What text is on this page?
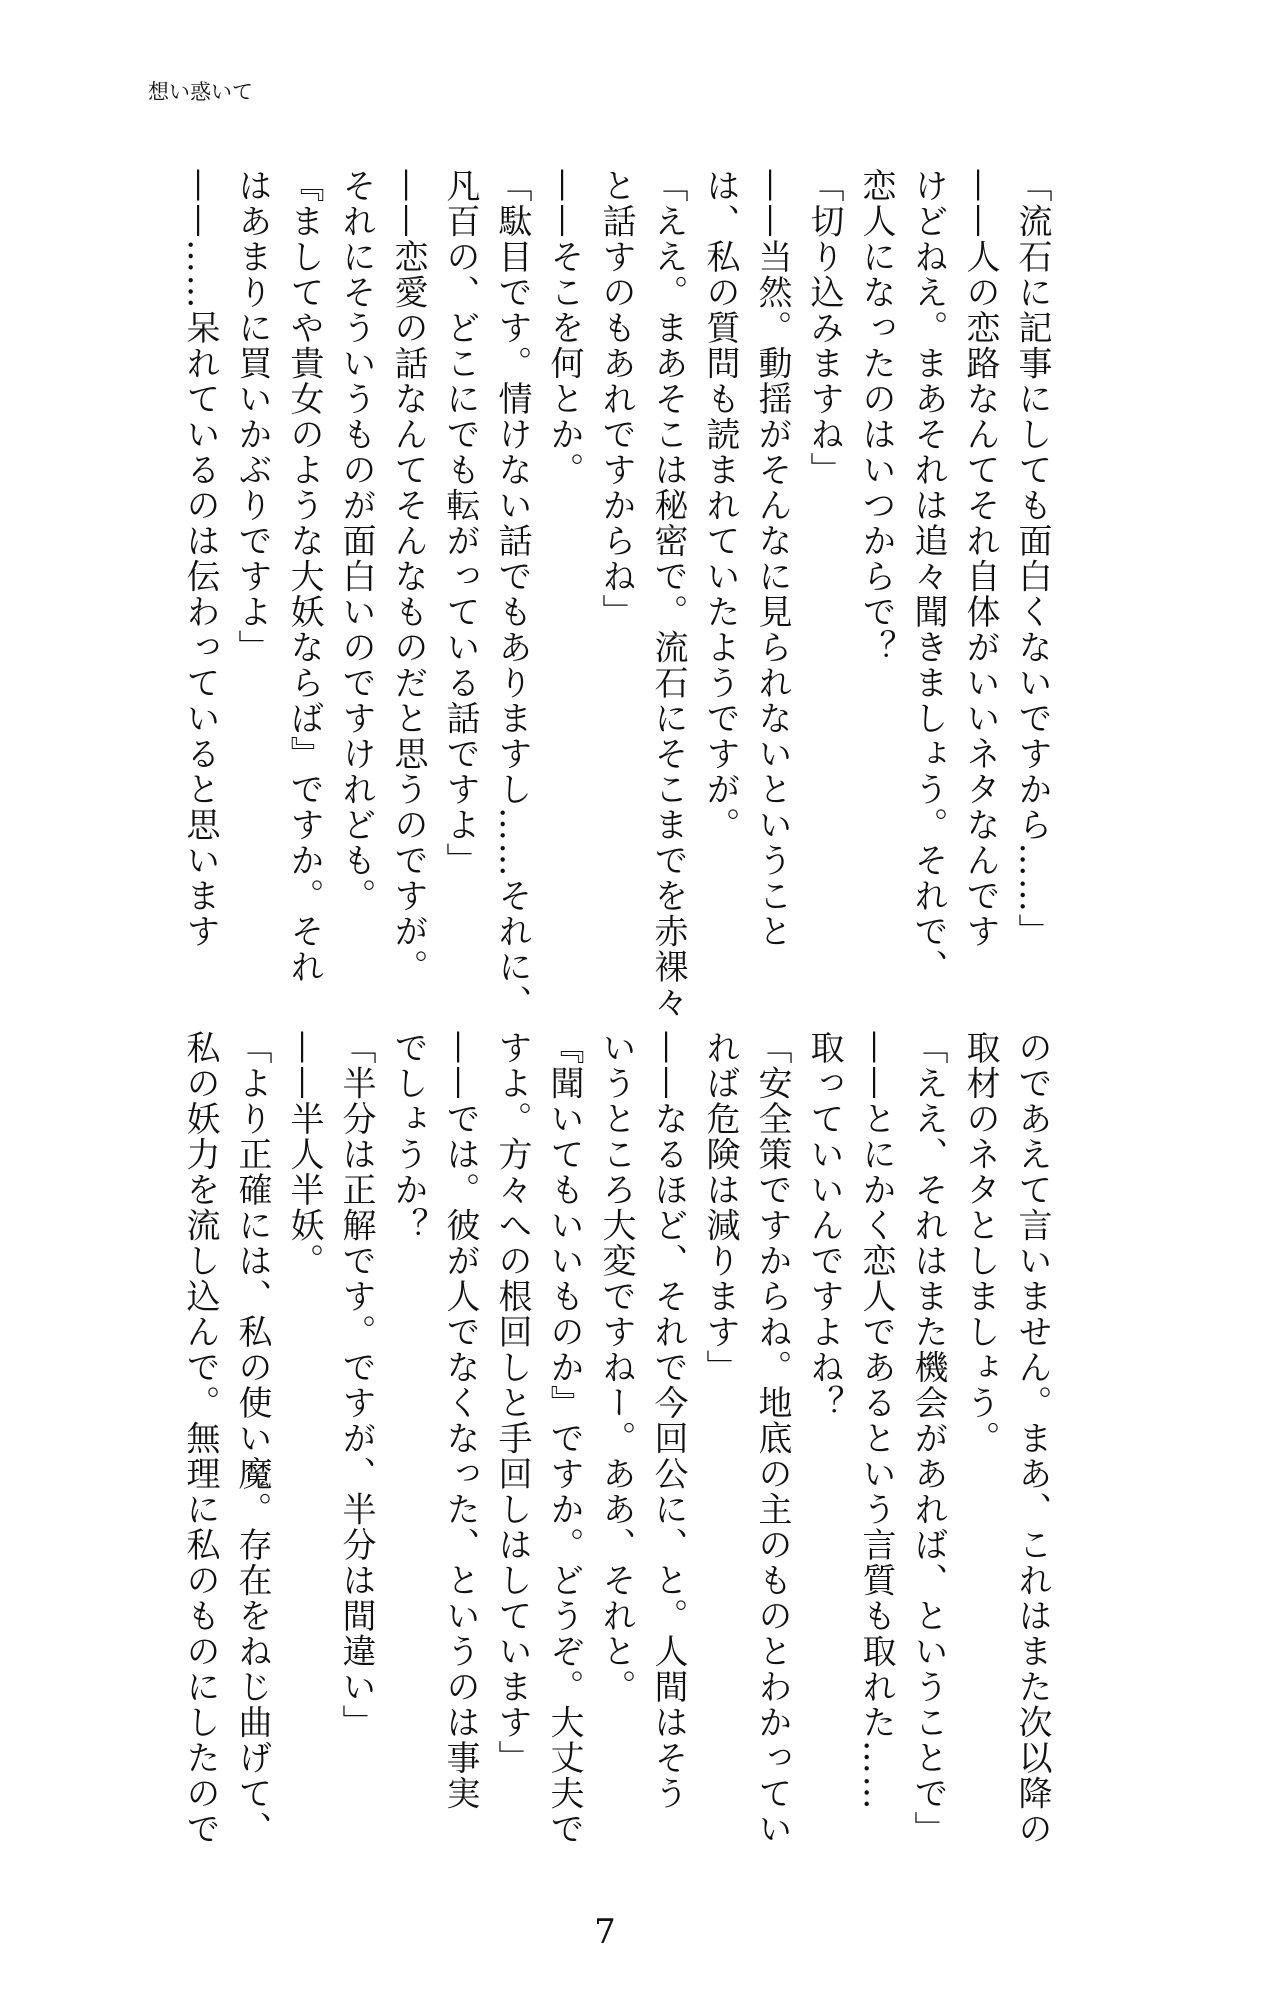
想い惑いて
「流石に記事にしても面白くないですから……」
——人の恋路なんてそれ自体がいいネタなんです
けどねえ。まあそれは追々聞きましょう。それで、
恋人になったのはいつからで？
「切り込みますね」
——当然。動揺がそんなに見られないということ
は、私の質問も読まれていたようですが。
「ええ。まあそこは秘密で。流石にそこまでを赤裸々
と話すのもあれですからね」
——そこを何とか。
「駄目です。情けない話でもありますし……それに、
凡百の、どこにでも転がっている話ですよ」
——恋愛の話なんてそんなものだと思うのですが。
それにそういうものが面白いのですけれども。
『ましてや貴女のような大妖ならば』ですか。それ
はあまりに買いかぶりですよ」
——……呆れているのは伝わっていると思います
のであえて言いません。まあ、これはまた次以降の
取材のネタとしましょう。
「ええ、それはまた機会があれば、ということで」
——とにかく恋人であるという言質も取れた……
取っていいんですよね？
「安全策ですからね。地底の主のものとわかってい
れば危険は減ります」
——なるほど、それで今回公に、と。人間はそう
いうところ大変ですねー。ああ、それと。
『聞いてもいいものか』ですか。どうぞ。大丈夫で
すよ。方々への根回しと手回しはしています」
——では。彼が人でなくなった、というのは事実
でしょうか？
「半分は正解です。ですが、半分は間違い」
——半人半妖。
「より正確には、私の使い魔。存在をねじ曲げて、
私の妖力を流し込んで。無理に私のものにしたので
7
